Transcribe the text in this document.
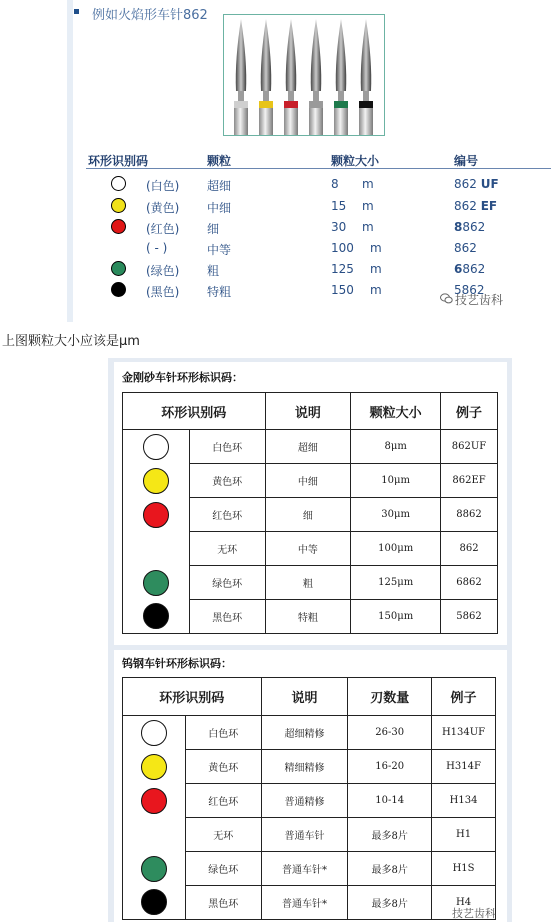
例如火焰形车针862
环形识别码	颗粒	颗粒大小	编号
(白色) 超细	8 m	862 UF
(黄色) 中细	15 m	862 EF
(红色) 细	30 m	8862
( - )	中等	100 m	862
(绿色) 粗	125 m	6862
(黑色) 特粗	150 m	5862
技艺齿科
上图颗粒大小应该是μm
金刚砂车针环形标识码：
环形识别码		说明	颗粒大小	例子
	白色环	超细	8μm	862UF
	黄色环	中细	10μm	862EF
	红色环	细	30μm	8862
	无环	中等	100μm	862
	绿色环	粗	125μm	6862
	黑色环	特粗	150μm	5862
钨钢车针环形标识码：
环形识别码		说明	刃数量	例子
	白色环	超细精修	26-30	H134UF
	黄色环	精细精修	16-20	H314F
	红色环	普通精修	10-14	H134
	无环	普通车针	最多8片	H1
	绿色环	普通车针*	最多8片	H1S
	黑色环	普通车针*	最多8片	H4
技艺齿科
